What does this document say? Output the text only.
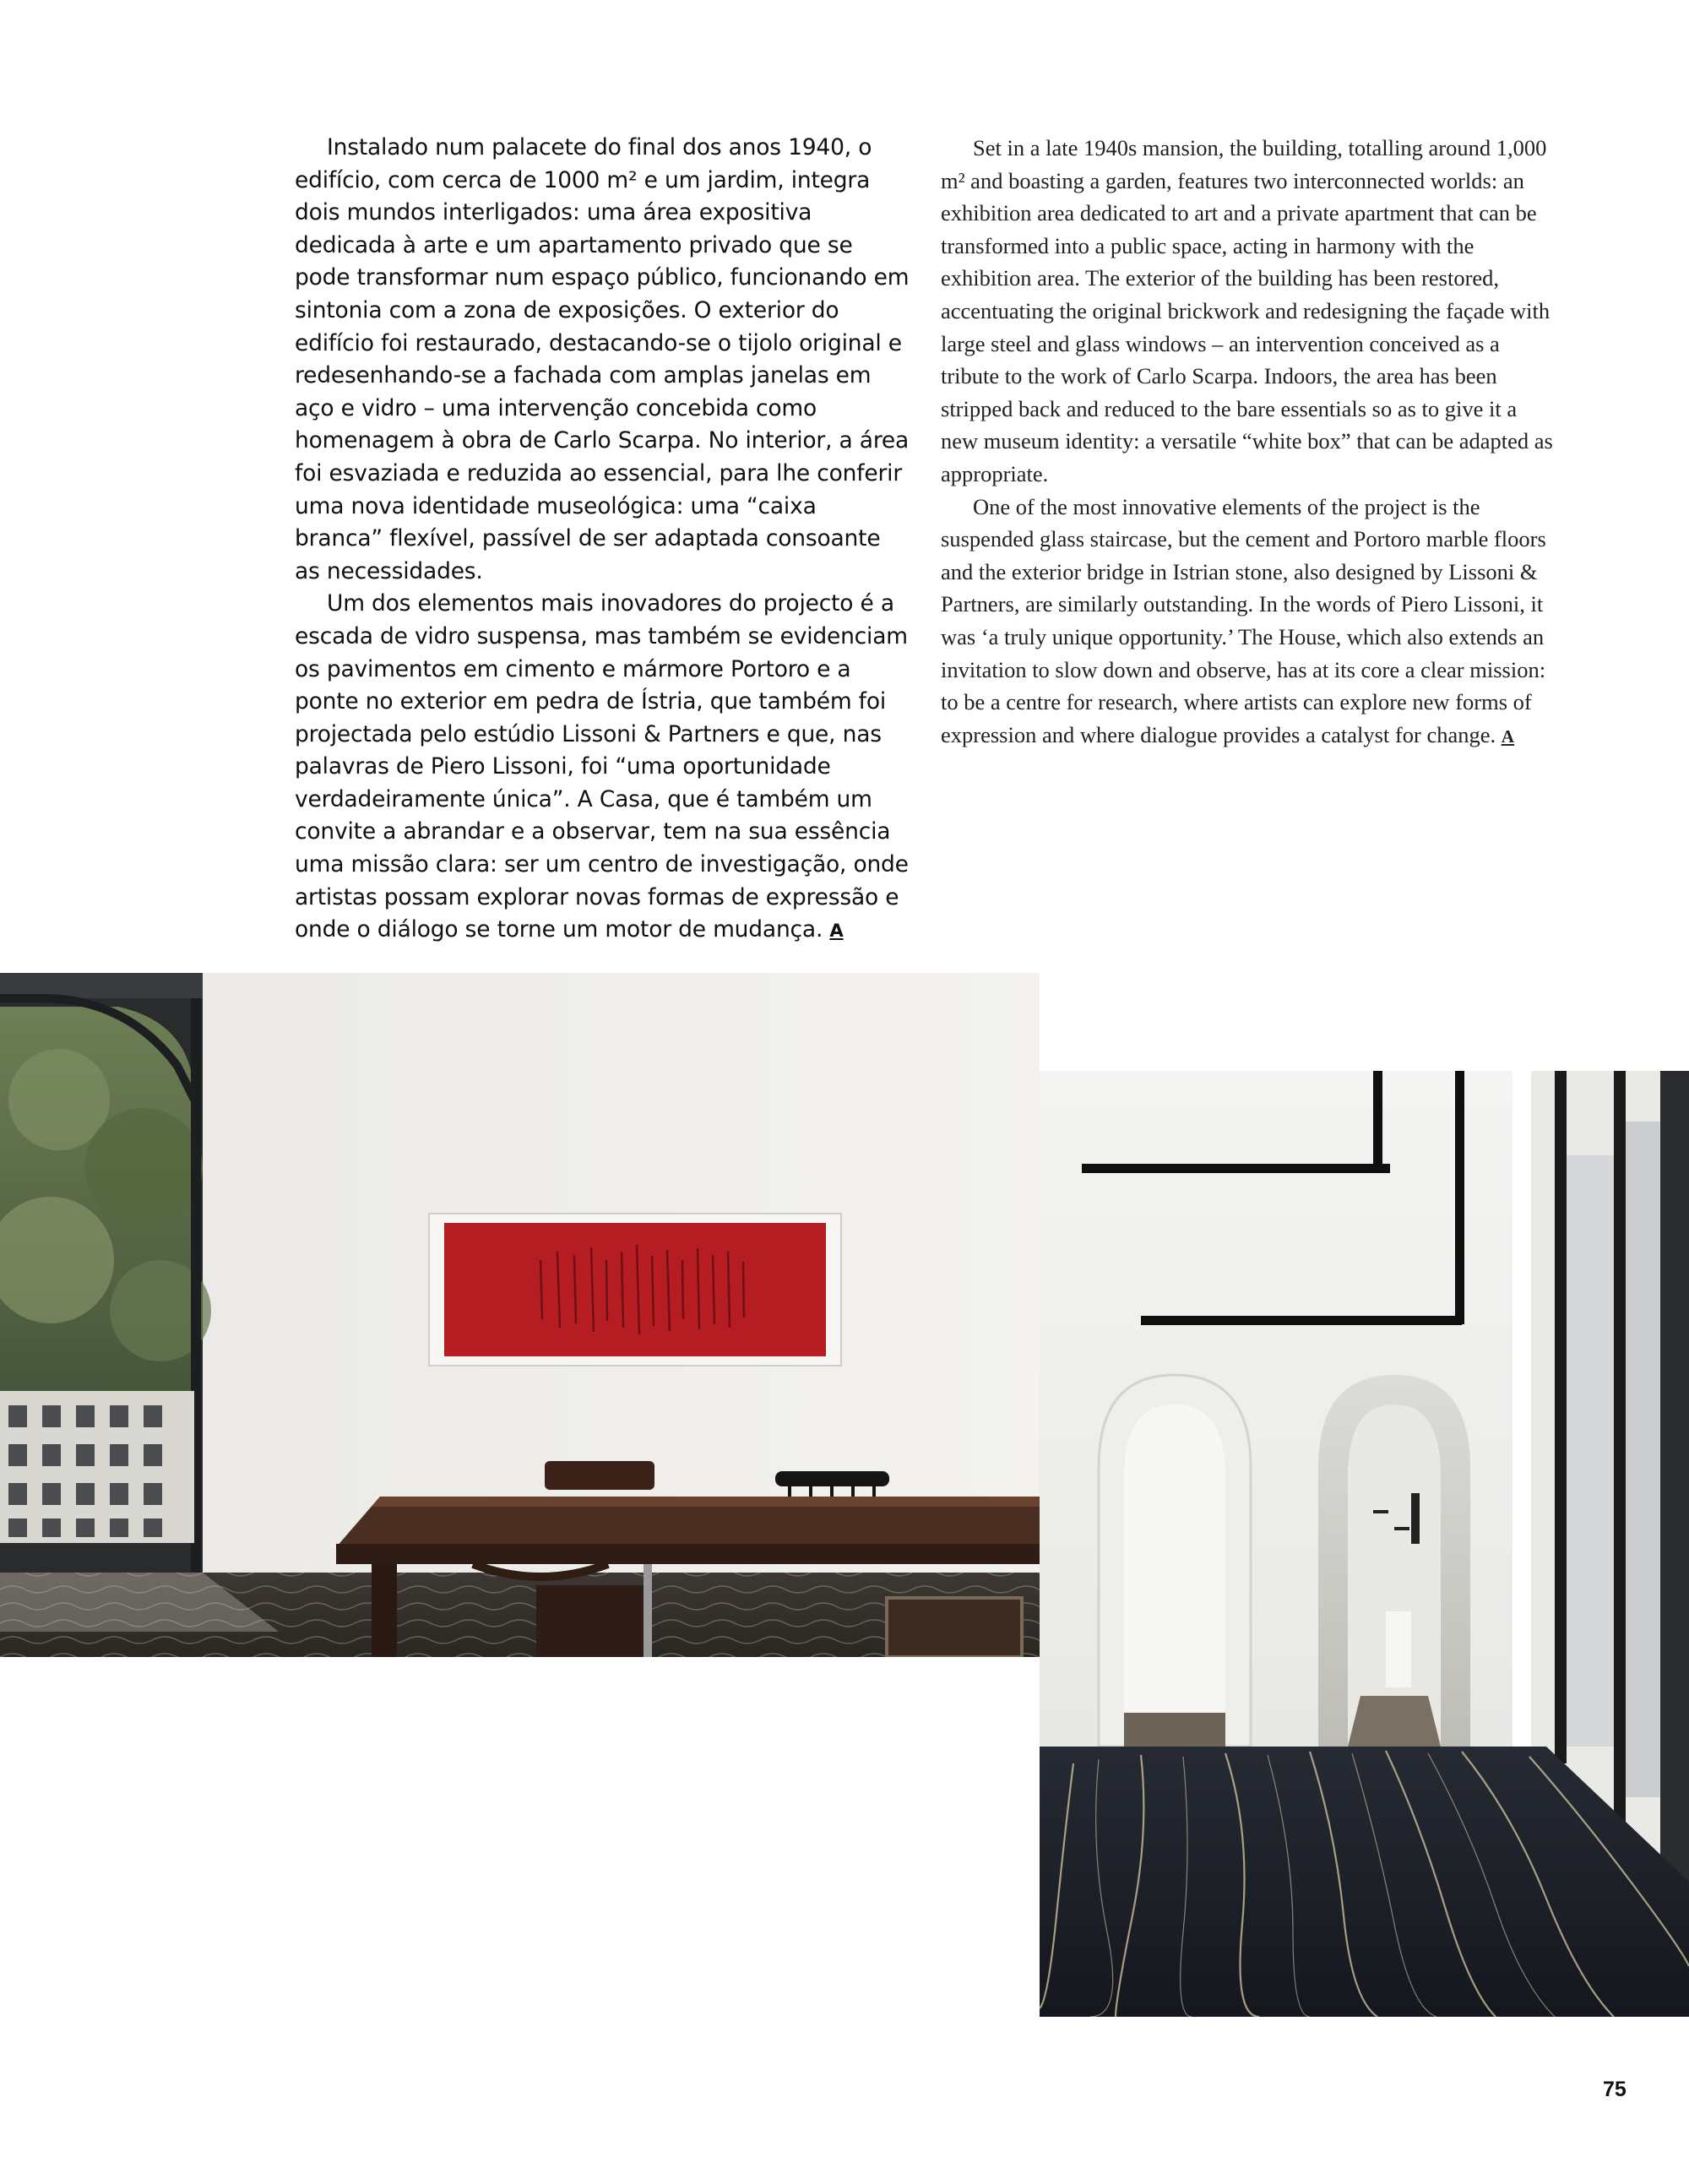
Instalado num palacete do final dos anos 1940, o edifício, com cerca de 1000 m² e um jardim, integra dois mundos interligados: uma área expositiva dedicada à arte e um apartamento privado que se pode transformar num espaço público, funcionando em sintonia com a zona de exposições. O exterior do edifício foi restaurado, destacando-se o tijolo original e redesenhando-se a fachada com amplas janelas em aço e vidro – uma intervenção concebida como homenagem à obra de Carlo Scarpa. No interior, a área foi esvaziada e reduzida ao essencial, para lhe conferir uma nova identidade museológica: uma “caixa branca” flexível, passível de ser adaptada consoante as necessidades.

Um dos elementos mais inovadores do projecto é a escada de vidro suspensa, mas também se evidenciam os pavimentos em cimento e mármore Portoro e a ponte no exterior em pedra de Ístria, que também foi projectada pelo estúdio Lissoni & Partners e que, nas palavras de Piero Lissoni, foi “uma oportunidade verdadeiramente única”. A Casa, que é também um convite a abrandar e a observar, tem na sua essência uma missão clara: ser um centro de investigação, onde artistas possam explorar novas formas de expressão e onde o diálogo se torne um motor de mudança. A

Set in a late 1940s mansion, the building, totalling around 1,000 m² and boasting a garden, features two interconnected worlds: an exhibition area dedicated to art and a private apartment that can be transformed into a public space, acting in harmony with the exhibition area. The exterior of the building has been restored, accentuating the original brickwork and redesigning the façade with large steel and glass windows – an intervention conceived as a tribute to the work of Carlo Scarpa. Indoors, the area has been stripped back and reduced to the bare essentials so as to give it a new museum identity: a versatile “white box” that can be adapted as appropriate.

One of the most innovative elements of the project is the suspended glass staircase, but the cement and Portoro marble floors and the exterior bridge in Istrian stone, also designed by Lissoni & Partners, are similarly outstanding. In the words of Piero Lissoni, it was ‘a truly unique opportunity.’ The House, which also extends an invitation to slow down and observe, has at its core a clear mission: to be a centre for research, where artists can explore new forms of expression and where dialogue provides a catalyst for change. A

75
